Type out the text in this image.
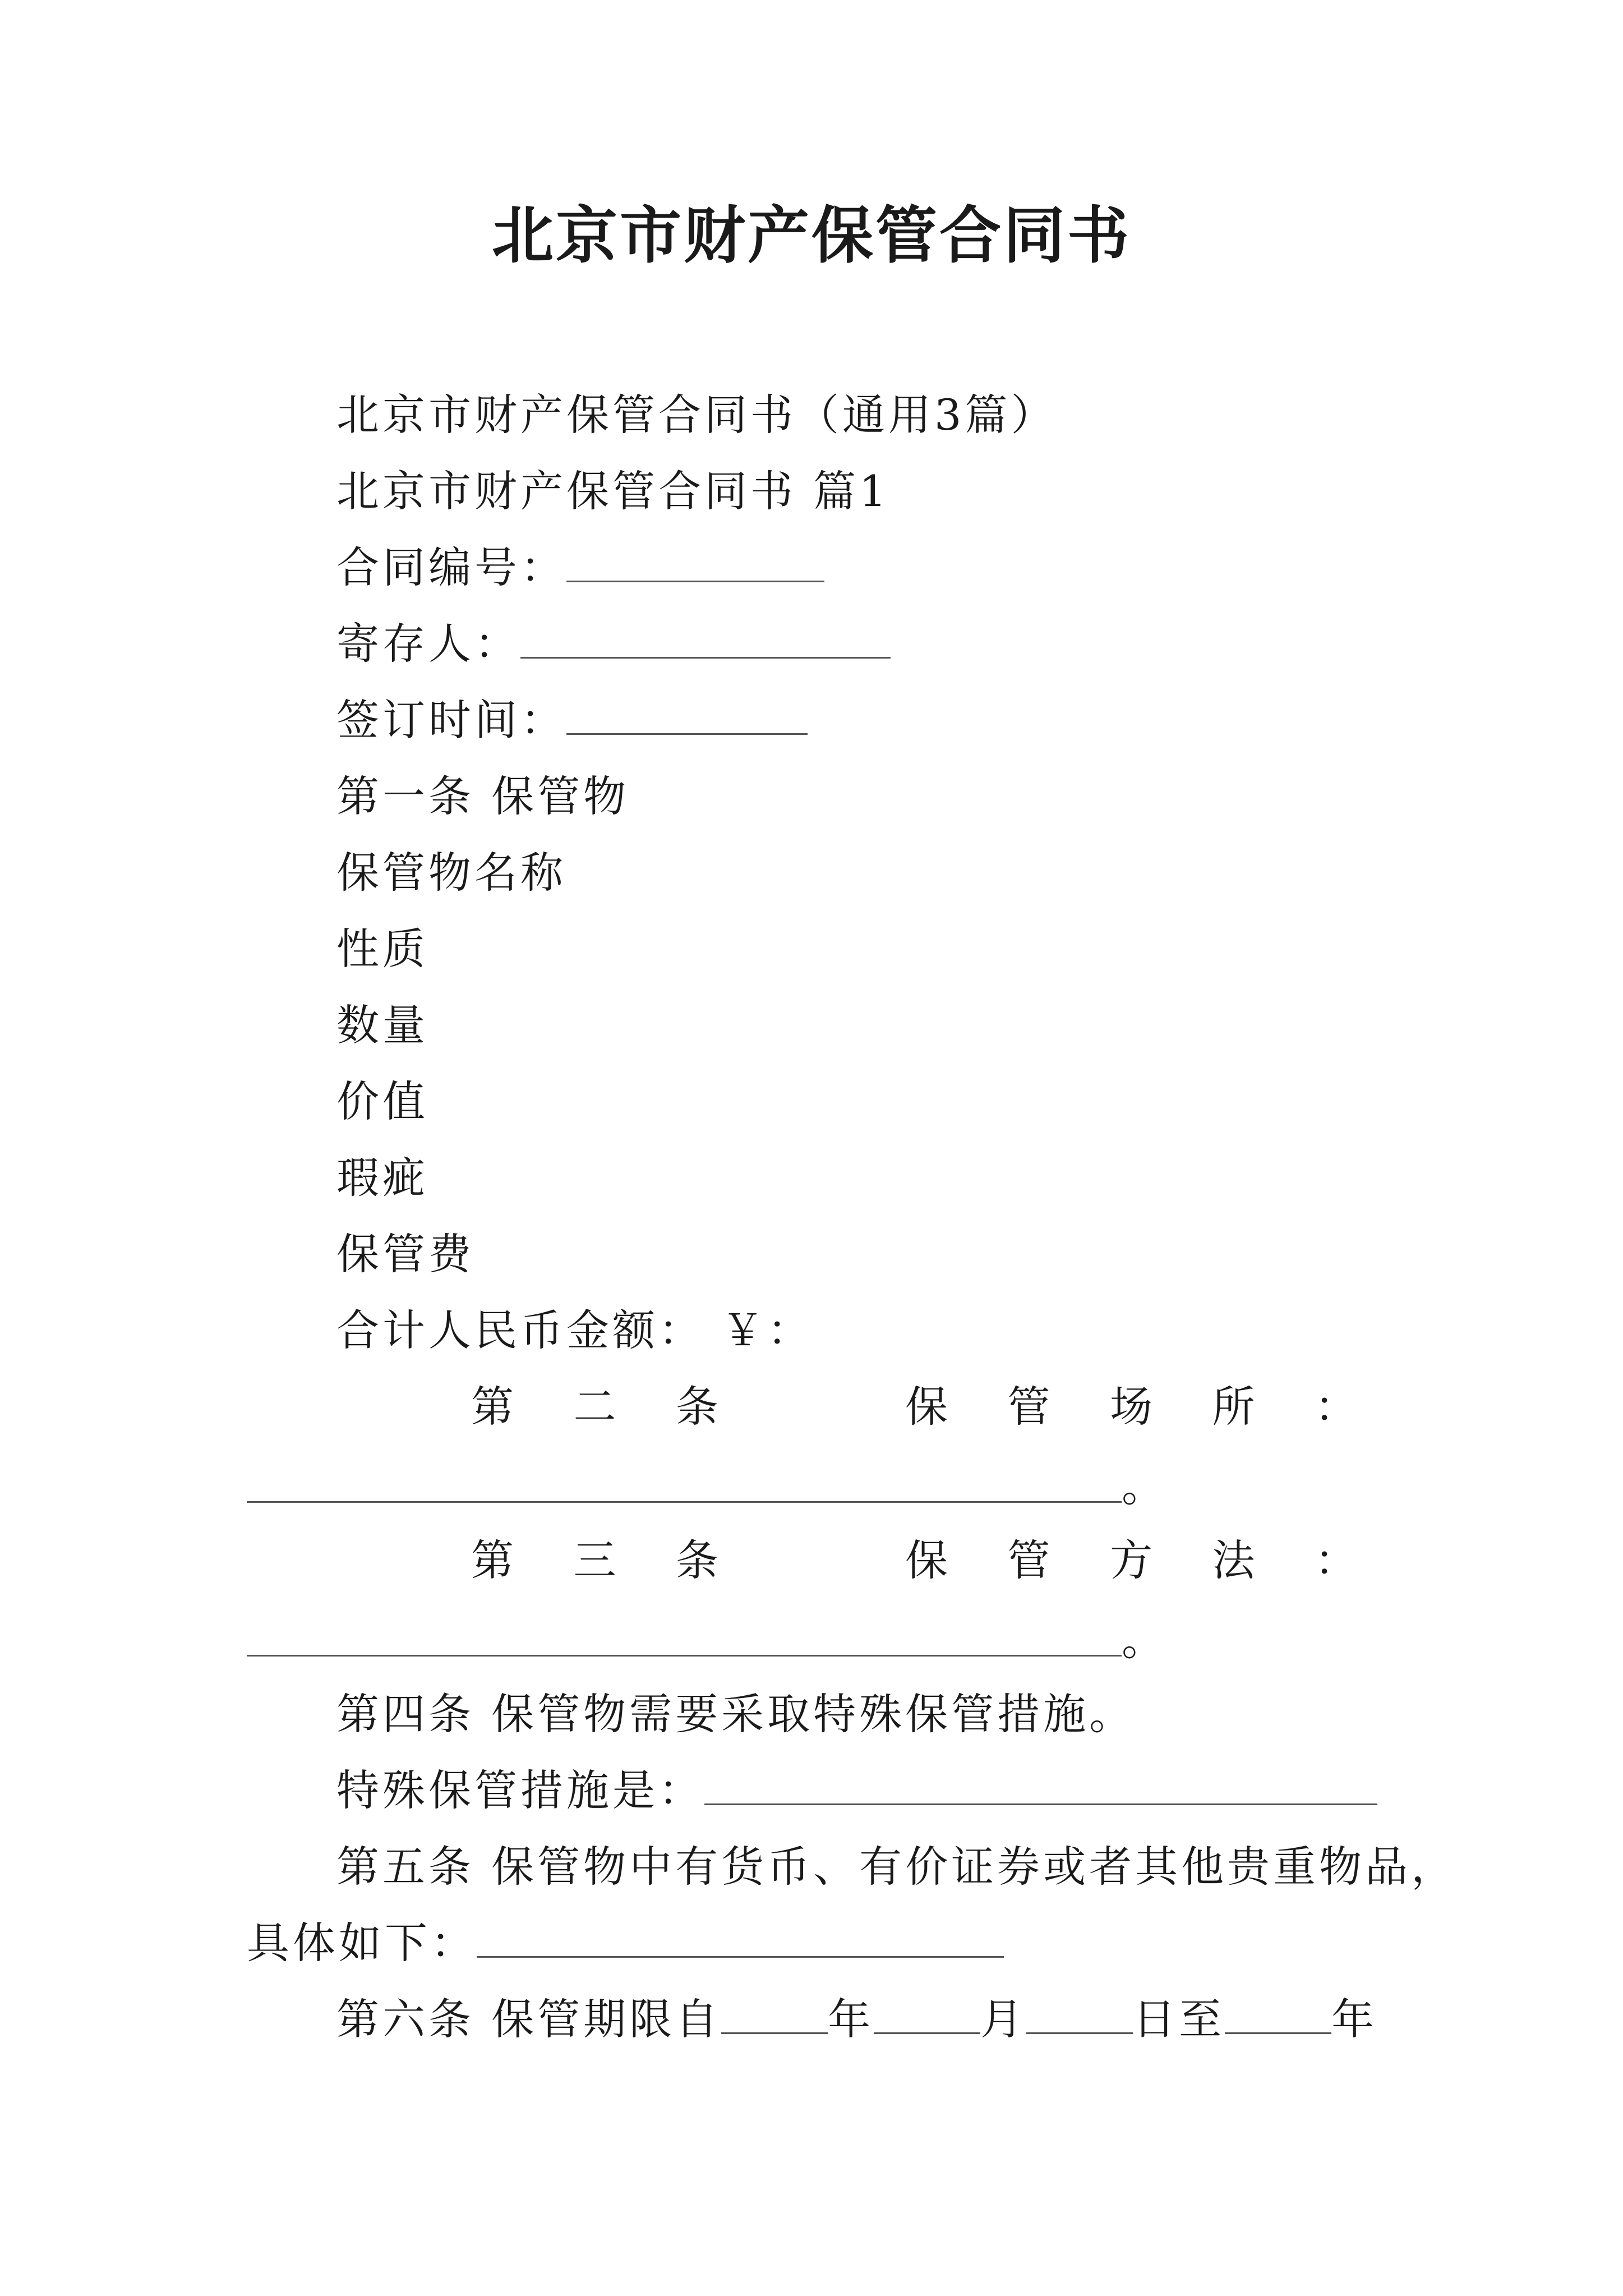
北京市财产保管合同书
北京市财产保管合同书（通用3篇）
北京市财产保管合同书 篇1
合同编号：
寄存人：
签订时间：
第一条 保管物
保管物名称
性质
数量
价值
瑕疵
保管费
合计人民币金额： ￥：
第 二 条	保 管 场 所 ：
。
第 三 条	保 管 方 法 ：
。
第四条 保管物需要采取特殊保管措施。
特殊保管措施是：
第五条 保管物中有货币、有价证券或者其他贵重物品，
具体如下：
第六条 保管期限自	年	月	日至	年
